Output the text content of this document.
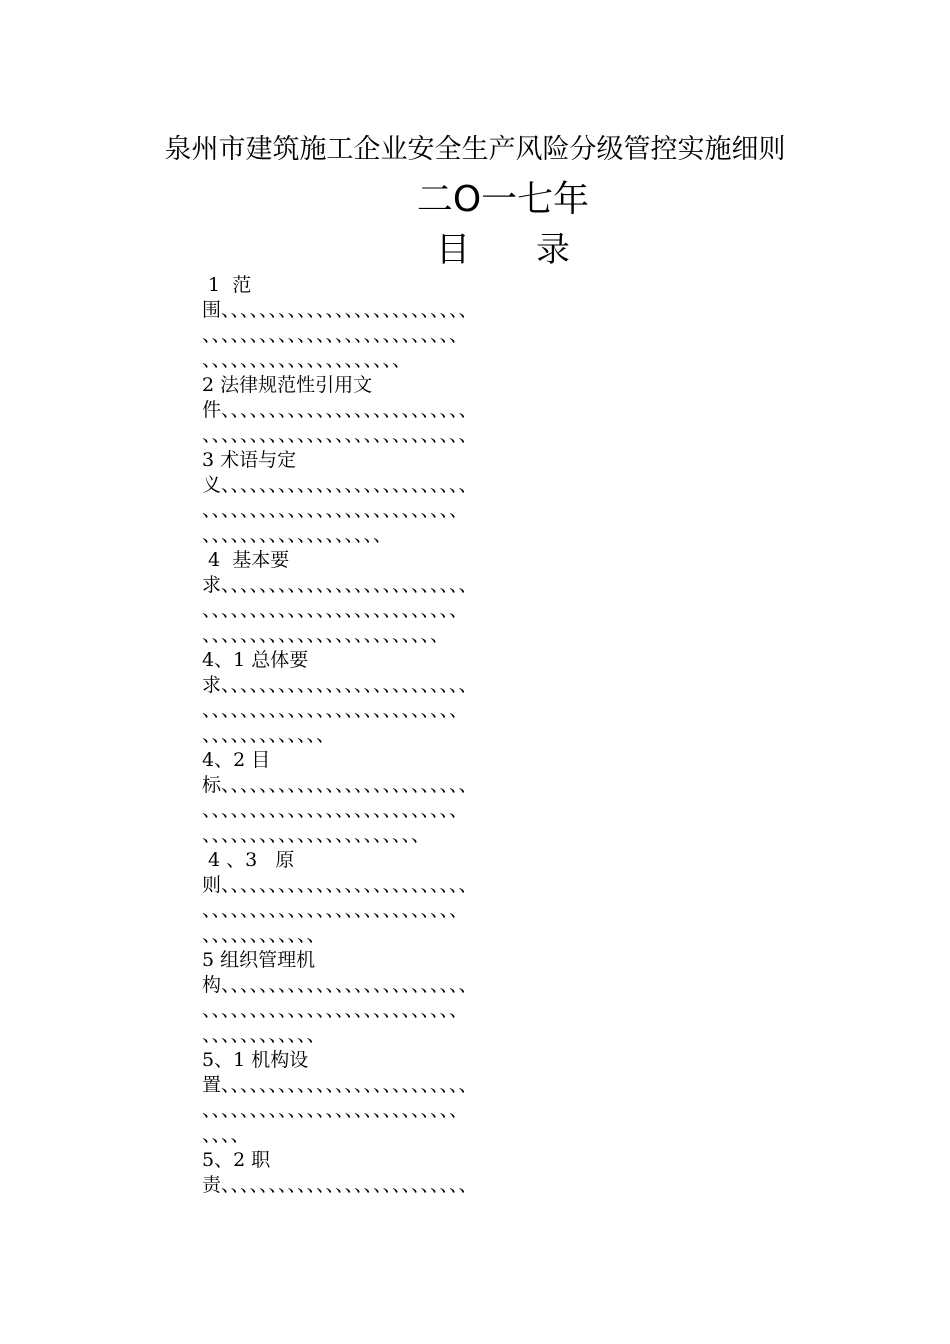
泉州市建筑施工企业安全生产风险分级管控实施细则
二O一七年
目 录
1  范
围、、、、、、、、、、、、、、、、、、、、、、、、、、
、、、、、、、、、、、、、、、、、、、、、、、、、、、
、、、、、、、、、、、、、、、、、、、、、
2 法律规范性引用文
件、、、、、、、、、、、、、、、、、、、、、、、、、、
、、、、、、、、、、、、、、、、、、、、、、、、、、、、
3 术语与定
义、、、、、、、、、、、、、、、、、、、、、、、、、、
、、、、、、、、、、、、、、、、、、、、、、、、、、、
、、、、、、、、、、、、、、、、、、、
4  基本要
求、、、、、、、、、、、、、、、、、、、、、、、、、、
、、、、、、、、、、、、、、、、、、、、、、、、、、、
、、、、、、、、、、、、、、、、、、、、、、、、、
4、1 总体要
求、、、、、、、、、、、、、、、、、、、、、、、、、、
、、、、、、、、、、、、、、、、、、、、、、、、、、、
、、、、、、、、、、、、、
4、2 目
标、、、、、、、、、、、、、、、、、、、、、、、、、、
、、、、、、、、、、、、、、、、、、、、、、、、、、、
、、、、、、、、、、、、、、、、、、、、、、、
4 、3   原
则、、、、、、、、、、、、、、、、、、、、、、、、、、
、、、、、、、、、、、、、、、、、、、、、、、、、、、
、、、、、、、、、、、、
5 组织管理机
构、、、、、、、、、、、、、、、、、、、、、、、、、、
、、、、、、、、、、、、、、、、、、、、、、、、、、、
、、、、、、、、、、、、
5、1 机构设
置、、、、、、、、、、、、、、、、、、、、、、、、、、
、、、、、、、、、、、、、、、、、、、、、、、、、、、
、、、、
5、2 职
责、、、、、、、、、、、、、、、、、、、、、、、、、、
